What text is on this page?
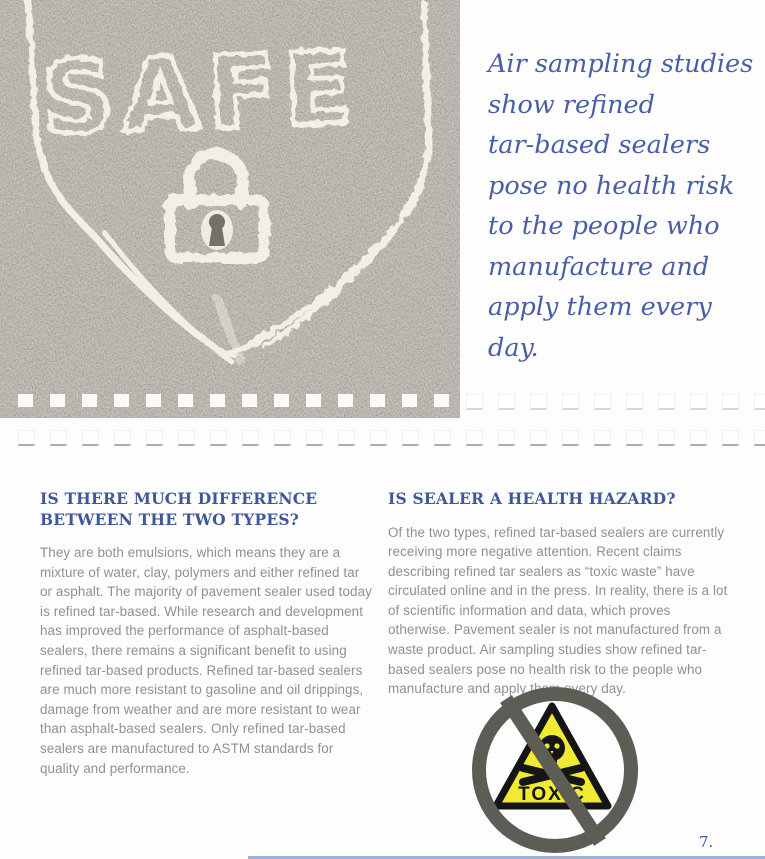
SAFE	Air sampling studies
show refined
tar-based sealers
pose no health risk
to the people who
manufacture and
apply them every day.
IS THERE MUCH DIFFERENCE BETWEEN THE TWO TYPES?

They are both emulsions, which means they are a mixture of water, clay, polymers and either refined tar or asphalt. The majority of pavement sealer used today is refined tar-based. While research and development has improved the performance of asphalt-based sealers, there remains a significant benefit to using refined tar-based products. Refined tar-based sealers are much more resistant to gasoline and oil drippings, damage from weather and are more resistant to wear than asphalt-based sealers. Only refined tar-based sealers are manufactured to ASTM standards for quality and performance.

IS SEALER A HEALTH HAZARD?

Of the two types, refined tar-based sealers are currently receiving more negative attention. Recent claims describing refined tar sealers as “toxic waste” have circulated online and in the press. In reality, there is a lot of scientific information and data, which proves otherwise. Pavement sealer is not manufactured from a waste product. Air sampling studies show refined tar-based sealers pose no health risk to the people who manufacture and apply them every day.

TOXIC
7.
